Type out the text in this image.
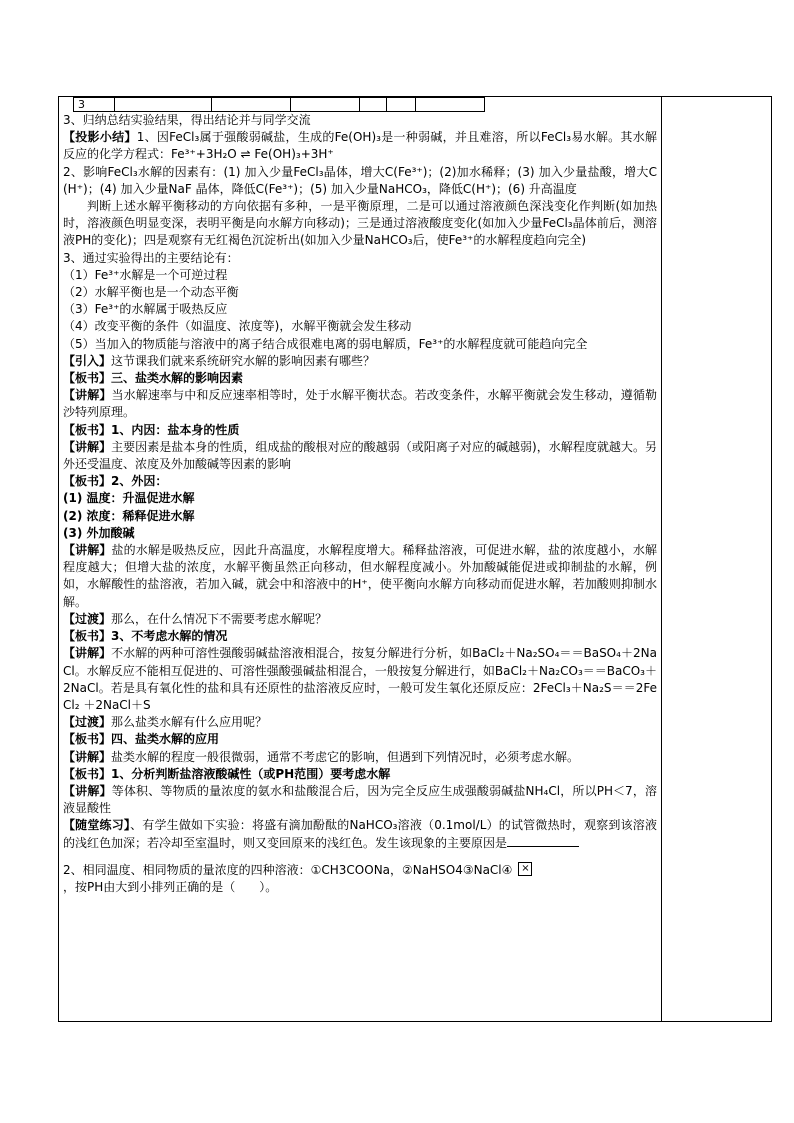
3						

3、归纳总结实验结果，得出结论并与同学交流

【投影小结】1、因FeCl₃属于强酸弱碱盐，生成的Fe(OH)₃是一种弱碱，并且难溶，所以FeCl₃易水解。其水解反应的化学方程式：Fe³⁺+3H₂O ⇌ Fe(OH)₃+3H⁺

2、影响FeCl₃水解的因素有：(1) 加入少量FeCl₃晶体，增大C(Fe³⁺)；(2)加水稀释；(3) 加入少量盐酸，增大C(H⁺)；(4) 加入少量NaF 晶体，降低C(Fe³⁺)；(5) 加入少量NaHCO₃，降低C(H⁺)；(6) 升高温度

判断上述水解平衡移动的方向依据有多种，一是平衡原理，二是可以通过溶液颜色深浅变化作判断(如加热时，溶液颜色明显变深，表明平衡是向水解方向移动)；三是通过溶液酸度变化(如加入少量FeCl₃晶体前后，测溶液PH的变化)；四是观察有无红褐色沉淀析出(如加入少量NaHCO₃后，使Fe³⁺的水解程度趋向完全)

3、通过实验得出的主要结论有：

（1）Fe³⁺水解是一个可逆过程

（2）水解平衡也是一个动态平衡

（3）Fe³⁺的水解属于吸热反应

（4）改变平衡的条件（如温度、浓度等)，水解平衡就会发生移动

（5）当加入的物质能与溶液中的离子结合成很难电离的弱电解质，Fe³⁺的水解程度就可能趋向完全

【引入】这节课我们就来系统研究水解的影响因素有哪些？

【板书】三、盐类水解的影响因素

【讲解】当水解速率与中和反应速率相等时，处于水解平衡状态。若改变条件，水解平衡就会发生移动，遵循勒沙特列原理。

【板书】1、内因：盐本身的性质

【讲解】主要因素是盐本身的性质，组成盐的酸根对应的酸越弱（或阳离子对应的碱越弱)，水解程度就越大。另外还受温度、浓度及外加酸碱等因素的影响

【板书】2、外因：

(1) 温度：升温促进水解

(2) 浓度：稀释促进水解

(3) 外加酸碱

【讲解】盐的水解是吸热反应，因此升高温度，水解程度增大。稀释盐溶液，可促进水解，盐的浓度越小，水解程度越大；但增大盐的浓度，水解平衡虽然正向移动，但水解程度减小。外加酸碱能促进或抑制盐的水解，例如，水解酸性的盐溶液，若加入碱，就会中和溶液中的H⁺，使平衡向水解方向移动而促进水解，若加酸则抑制水解。

【过渡】那么，在什么情况下不需要考虑水解呢？

【板书】3、不考虑水解的情况

【讲解】不水解的两种可溶性强酸弱碱盐溶液相混合，按复分解进行分析，如BaCl₂＋Na₂SO₄＝＝BaSO₄＋2NaCl。水解反应不能相互促进的、可溶性强酸强碱盐相混合，一般按复分解进行，如BaCl₂＋Na₂CO₃＝＝BaCO₃＋2NaCl。若是具有氧化性的盐和具有还原性的盐溶液反应时，一般可发生氧化还原反应：2FeCl₃＋Na₂S＝＝2FeCl₂ ＋2NaCl＋S

【过渡】那么盐类水解有什么应用呢？

【板书】四、盐类水解的应用

【讲解】盐类水解的程度一般很微弱，通常不考虑它的影响，但遇到下列情况时，必须考虑水解。

【板书】1、分析判断盐溶液酸碱性（或PH范围）要考虑水解

【讲解】等体积、等物质的量浓度的氨水和盐酸混合后，因为完全反应生成强酸弱碱盐NH₄Cl，所以PH＜7，溶液显酸性

【随堂练习】、有学生做如下实验：将盛有滴加酚酞的NaHCO₃溶液（0.1mol/L）的试管微热时，观察到该溶液的浅红色加深；若冷却至室温时，则又变回原来的浅红色。发生该现象的主要原因是

2、相同温度、相同物质的量浓度的四种溶液：①CH3COONa，②NaHSO4③NaCl④ ×

，按PH由大到小排列正确的是（　　）。
